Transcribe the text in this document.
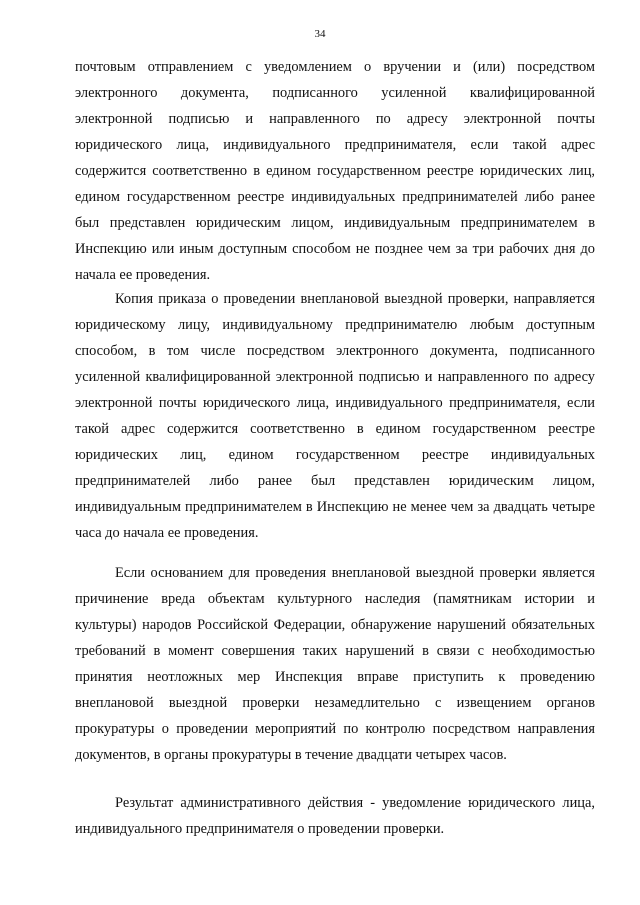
34

почтовым отправлением с уведомлением о вручении и (или) посредством электронного документа, подписанного усиленной квалифицированной электронной подписью и направленного по адресу электронной почты юридического лица, индивидуального предпринимателя, если такой адрес содержится соответственно в едином государственном реестре юридических лиц, едином государственном реестре индивидуальных предпринимателей либо ранее был представлен юридическим лицом, индивидуальным предпринимателем в Инспекцию или иным доступным способом не позднее чем за три рабочих дня до начала ее проведения.

Копия приказа о проведении внеплановой выездной проверки, направляется юридическому лицу, индивидуальному предпринимателю любым доступным способом, в том числе посредством электронного документа, подписанного усиленной квалифицированной электронной подписью и направленного по адресу электронной почты юридического лица, индивидуального предпринимателя, если такой адрес содержится соответственно в едином государственном реестре юридических лиц, едином государственном реестре индивидуальных предпринимателей либо ранее был представлен юридическим лицом, индивидуальным предпринимателем в Инспекцию не менее чем за двадцать четыре часа до начала ее проведения.

Если основанием для проведения внеплановой выездной проверки является причинение вреда объектам культурного наследия (памятникам истории и культуры) народов Российской Федерации, обнаружение нарушений обязательных требований в момент совершения таких нарушений в связи с необходимостью принятия неотложных мер Инспекция вправе приступить к проведению внеплановой выездной проверки незамедлительно с извещением органов прокуратуры о проведении мероприятий по контролю посредством направления документов, в органы прокуратуры в течение двадцати четырех часов.

Результат административного действия - уведомление юридического лица, индивидуального предпринимателя о проведении проверки.
